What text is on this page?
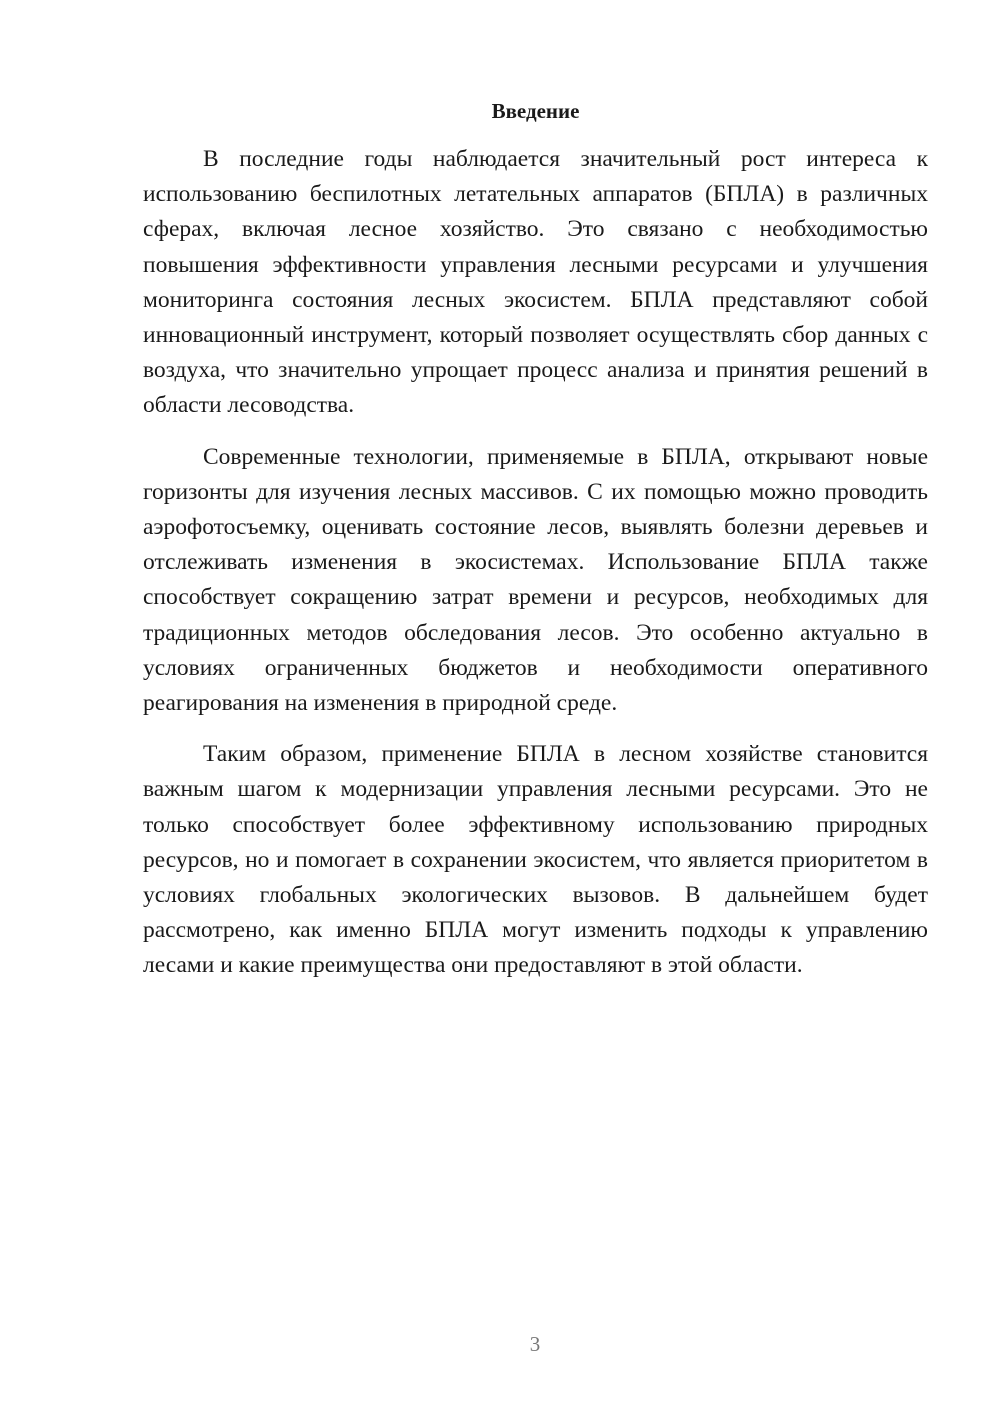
Введение

В последние годы наблюдается значительный рост интереса к использованию беспилотных летательных аппаратов (БПЛА) в различных сферах, включая лесное хозяйство. Это связано с необходимостью повышения эффективности управления лесными ресурсами и улучшения мониторинга состояния лесных экосистем. БПЛА представляют собой инновационный инструмент, который позволяет осуществлять сбор данных с воздуха, что значительно упрощает процесс анализа и принятия решений в области лесоводства.

Современные технологии, применяемые в БПЛА, открывают новые горизонты для изучения лесных массивов. С их помощью можно проводить аэрофотосъемку, оценивать состояние лесов, выявлять болезни деревьев и отслеживать изменения в экосистемах. Использование БПЛА также способствует сокращению затрат времени и ресурсов, необходимых для традиционных методов обследования лесов. Это особенно актуально в условиях ограниченных бюджетов и необходимости оперативного реагирования на изменения в природной среде.

Таким образом, применение БПЛА в лесном хозяйстве становится важным шагом к модернизации управления лесными ресурсами. Это не только способствует более эффективному использованию природных ресурсов, но и помогает в сохранении экосистем, что является приоритетом в условиях глобальных экологических вызовов. В дальнейшем будет рассмотрено, как именно БПЛА могут изменить подходы к управлению лесами и какие преимущества они предоставляют в этой области.

3
